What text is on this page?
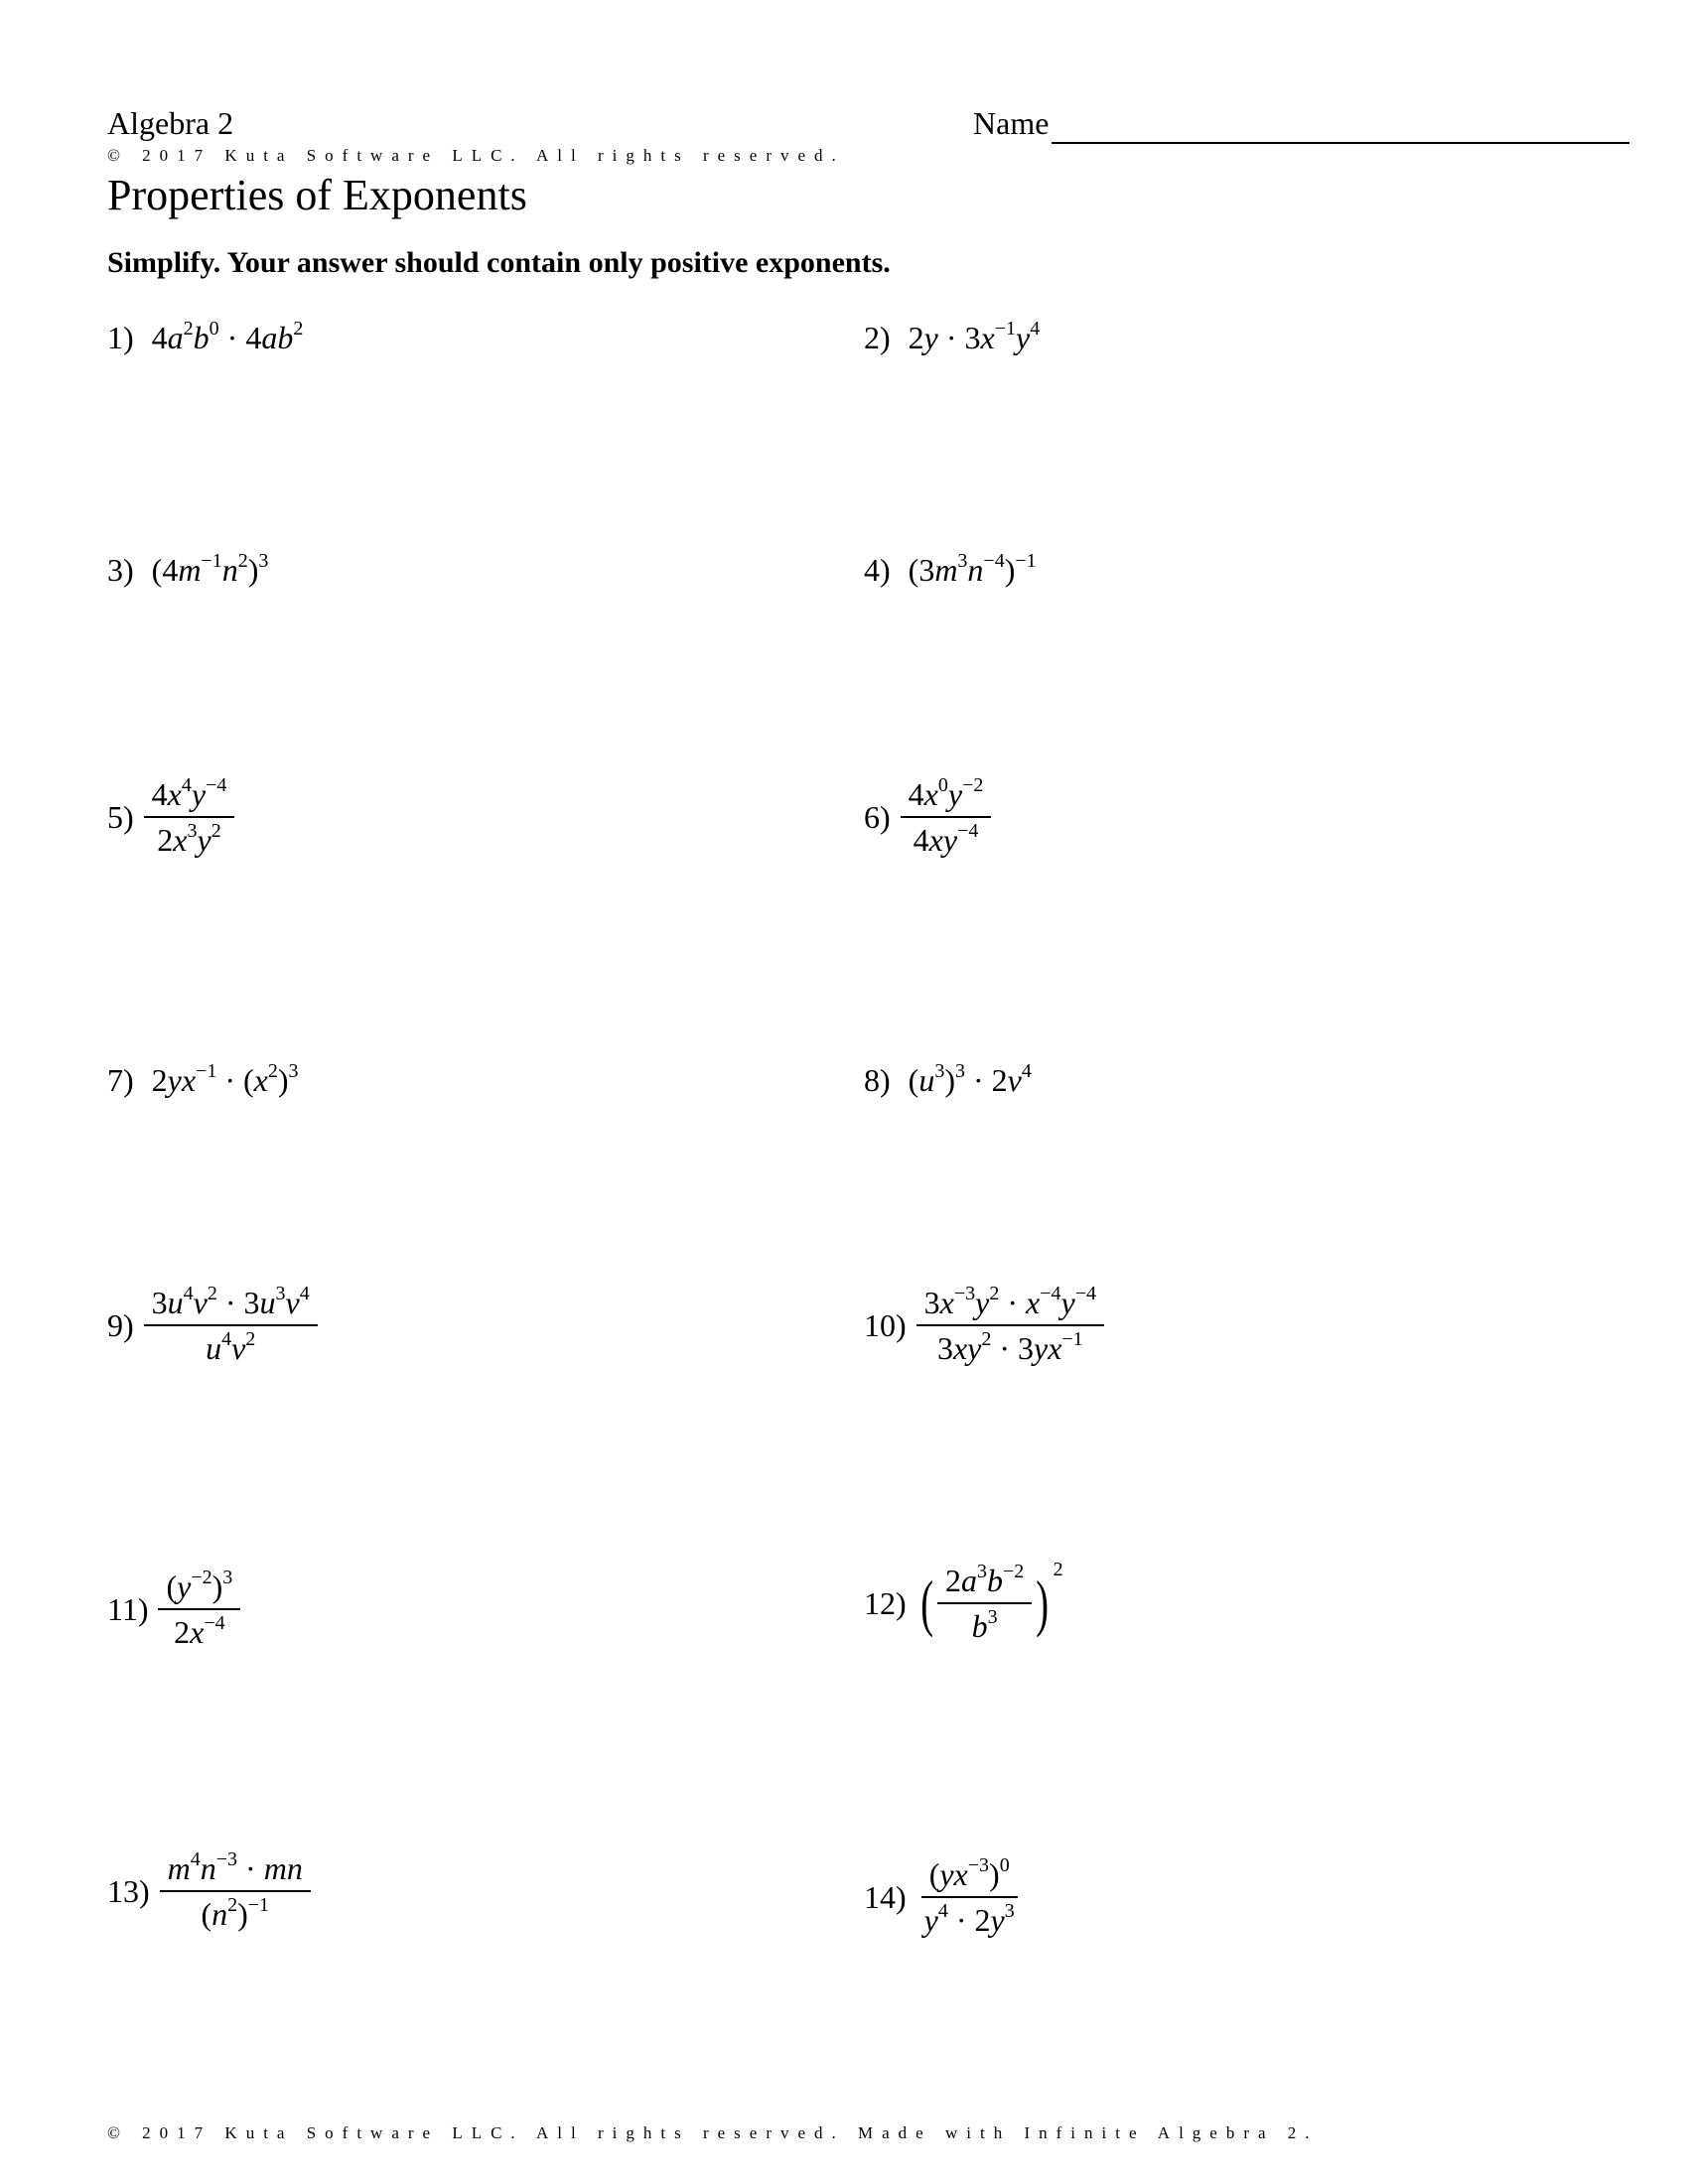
Algebra 2	Name
© 2017 Kuta Software LLC. All rights reserved.
Properties of Exponents
Simplify. Your answer should contain only positive exponents.
1) $4a^2b^0 \cdot 4ab^2$	2) $2y \cdot 3x^{-1}y^4$
3) $(4m^{-1}n^2)^3$	4) $(3m^3n^{-4})^{-1}$
$5) \frac{4x^4y^{-4}}{2x^3y^2}$	$6) \frac{4x^0y^{-2}}{4xy^{-4}}$
7) $2yx^{-1} \cdot (x^2)^3$	8) $(u^3)^3 \cdot 2v^4$
$9) \frac{3u^4v^2 \cdot 3u^3v^4}{u^4v^2}$	$10) \frac{3x^{-3}y^2 \cdot x^{-4}y^{-4}}{3xy^2 \cdot 3yx^{-1}}$
$11) \frac{(y^{-2})^3}{2x^{-4}}$	12) ( $\frac{2a^3b^{-2}}{b^3} )^2$
$13) \frac{m^4n^{-3} \cdot mn}{(n^2)^{-1}}$	$14) \frac{(yx^{-3})^0}{y^4 \cdot 2y^3}$
© 2017 Kuta Software LLC. All rights reserved. Made with Infinite Algebra 2.
